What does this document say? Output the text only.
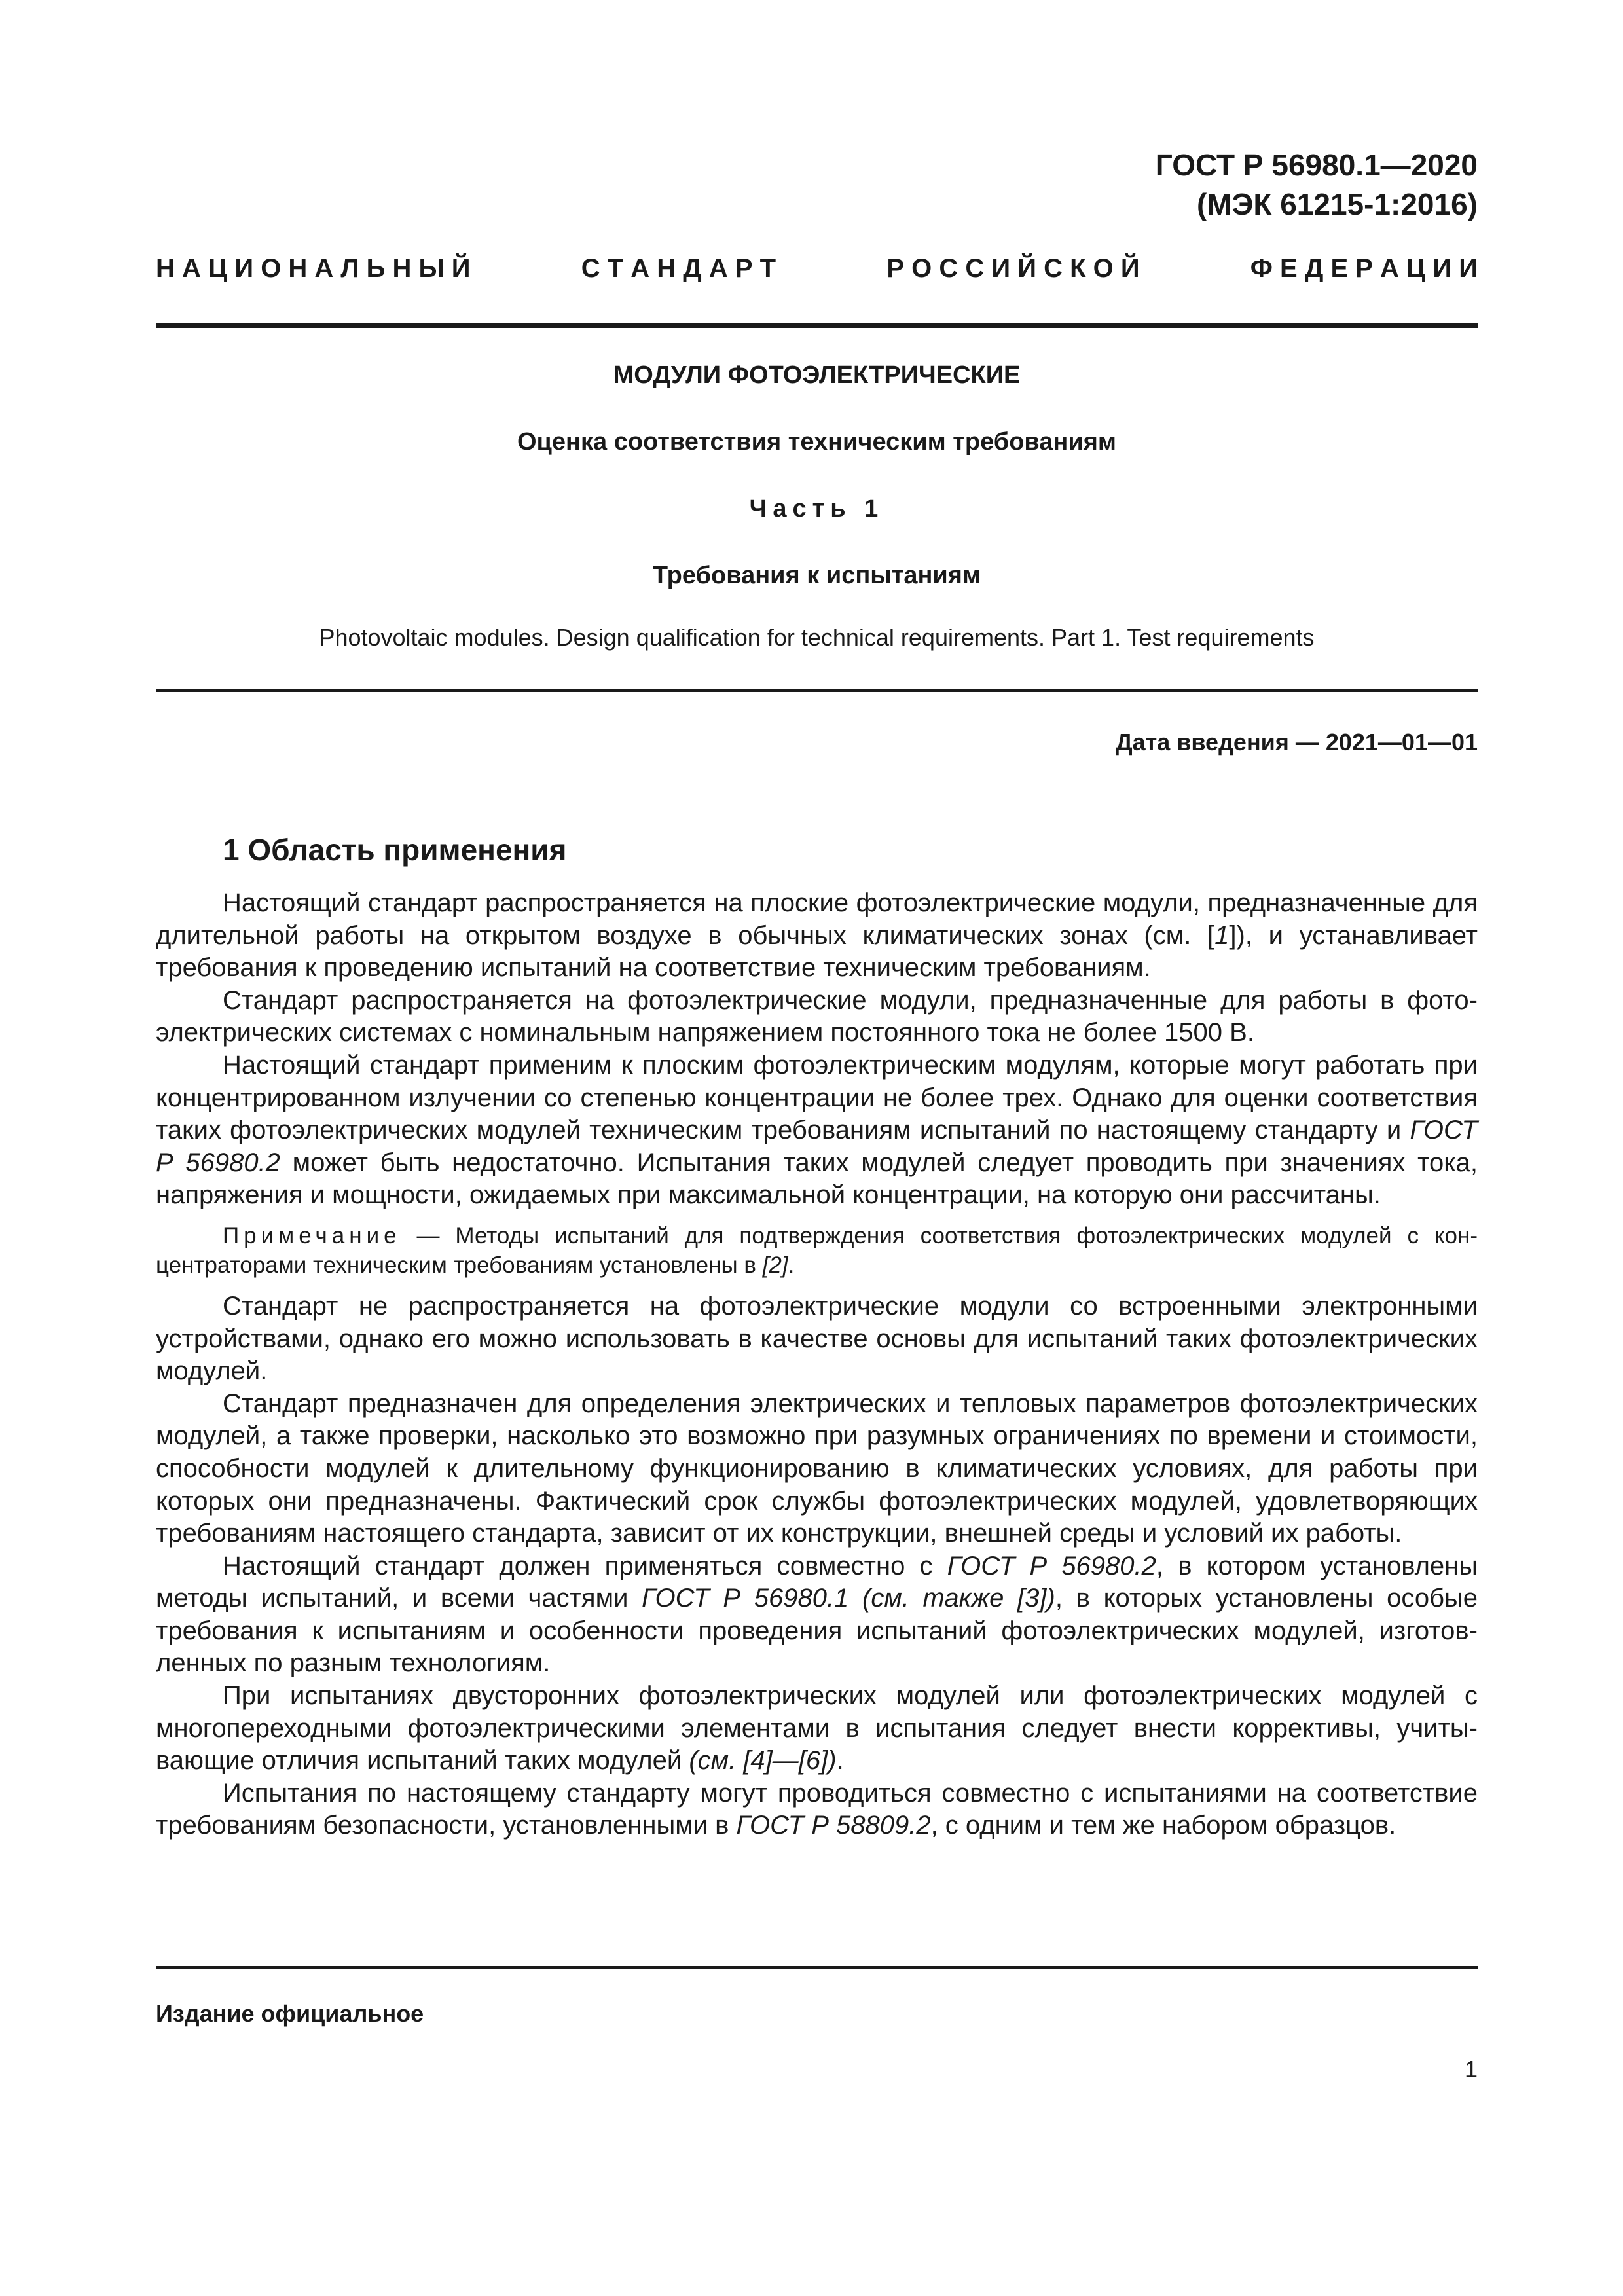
ГОСТ Р 56980.1—2020
(МЭК 61215-1:2016)
Н А Ц И О Н А Л Ь Н Ы Й	С Т А Н Д А Р Т	Р О С С И Й С К О Й	Ф Е Д Е Р А Ц И И
МОДУЛИ ФОТОЭЛЕКТРИЧЕСКИЕ
Оценка соответствия техническим требованиям
Часть 1
Требования к испытаниям
Photovoltaic modules. Design qualification for technical requirements. Part 1. Test requirements
Дата введения — 2021—01—01
1 Область применения

Настоящий стандарт распространяется на плоские фотоэлектрические модули, предназначенные для длительной работы на открытом воздухе в обычных климатических зонах (см. [1]), и устанавливает требования к проведению испытаний на соответствие техническим требованиям.

Стандарт распространяется на фотоэлектрические модули, предназначенные для работы в фотоэлектрических системах с номинальным напряжением постоянного тока не более 1500 В.

Настоящий стандарт применим к плоским фотоэлектрическим модулям, которые могут работать при концентрированном излучении со степенью концентрации не более трех. Однако для оценки соответствия таких фотоэлектрических модулей техническим требованиям испытаний по настоящему стандарту и ГОСТ Р 56980.2 может быть недостаточно. Испытания таких модулей следует проводить при значениях тока, напряжения и мощности, ожидаемых при максимальной концентрации, на которую они рассчитаны.

Примечание — Методы испытаний для подтверждения соответствия фотоэлектрических модулей с концентраторами техническим требованиям установлены в [2].

Стандарт не распространяется на фотоэлектрические модули со встроенными электронными устройствами, однако его можно использовать в качестве основы для испытаний таких фотоэлектрических модулей.

Стандарт предназначен для определения электрических и тепловых параметров фотоэлектрических модулей, а также проверки, насколько это возможно при разумных ограничениях по времени и стоимости, способности модулей к длительному функционированию в климатических условиях, для работы при которых они предназначены. Фактический срок службы фотоэлектрических модулей, удовлетворяющих требованиям настоящего стандарта, зависит от их конструкции, внешней среды и условий их работы.

Настоящий стандарт должен применяться совместно с ГОСТ Р 56980.2, в котором установлены методы испытаний, и всеми частями ГОСТ Р 56980.1 (см. также [3]), в которых установлены особые требования к испытаниям и особенности проведения испытаний фотоэлектрических модулей, изготовленных по разным технологиям.

При испытаниях двусторонних фотоэлектрических модулей или фотоэлектрических модулей с многопереходными фотоэлектрическими элементами в испытания следует внести коррективы, учитывающие отличия испытаний таких модулей (см. [4]—[6]).

Испытания по настоящему стандарту могут проводиться совместно с испытаниями на соответствие требованиям безопасности, установленными в ГОСТ Р 58809.2, с одним и тем же набором образцов.

Издание официальное
1
